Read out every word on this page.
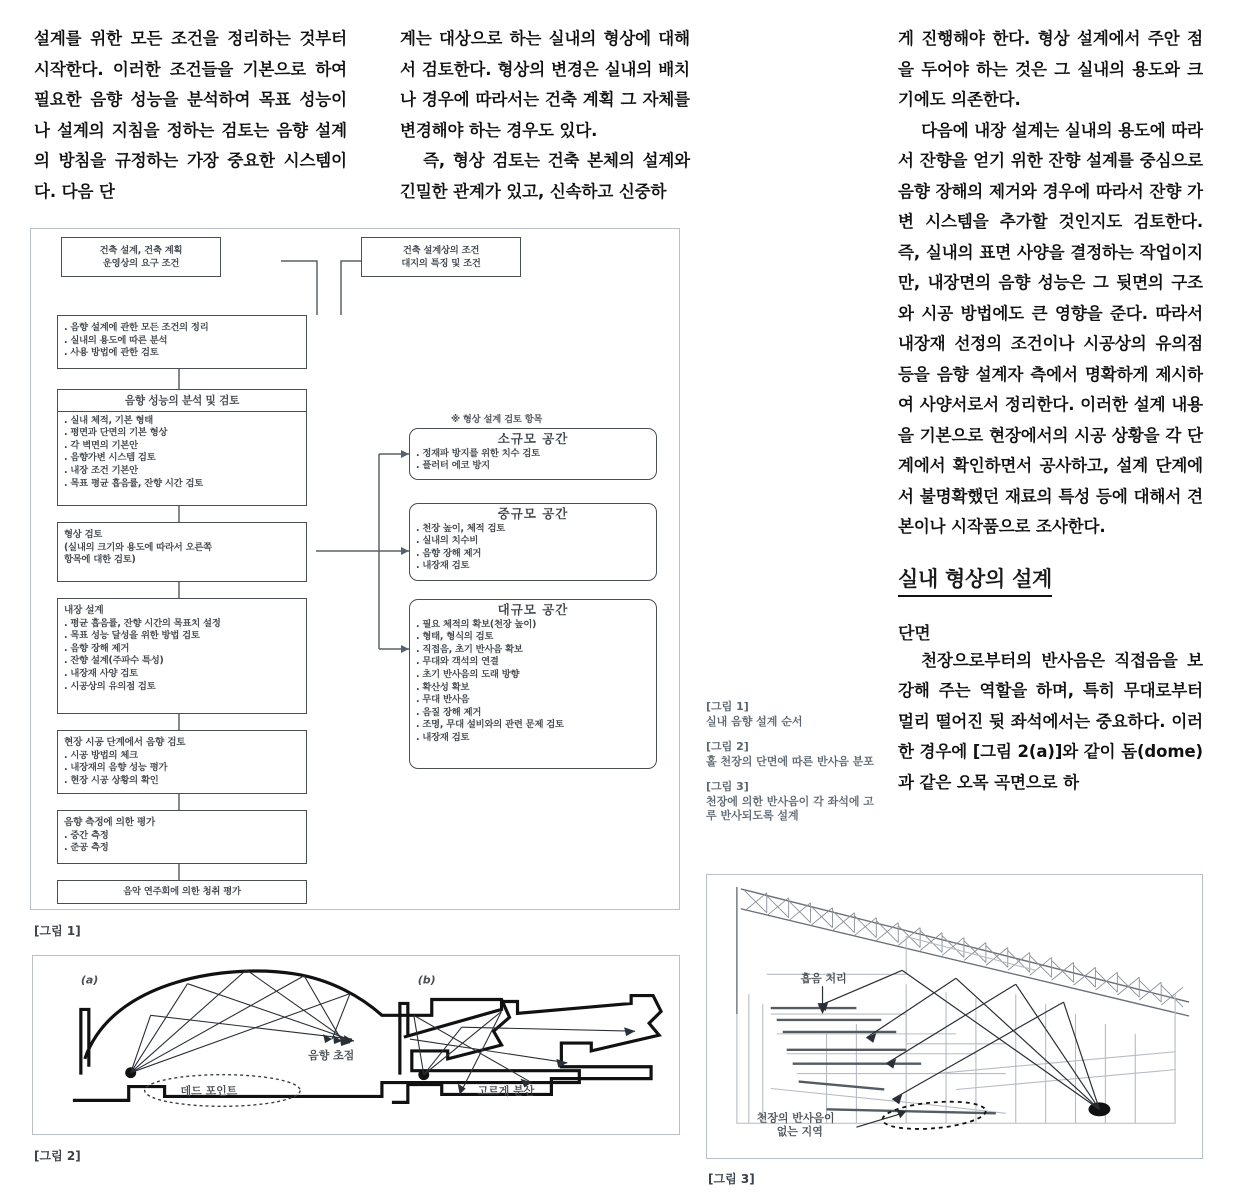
설계를 위한 모든 조건을 정리하는 것부터 시작한다. 이러한 조건들을 기본으로 하여 필요한 음향 성능을 분석하여 목표 성능이나 설계의 지침을 정하는 검토는 음향 설계의 방침을 규정하는 가장 중요한 시스템이다. 다음 단

계는 대상으로 하는 실내의 형상에 대해서 검토한다. 형상의 변경은 실내의 배치나 경우에 따라서는 건축 계획 그 자체를 변경해야 하는 경우도 있다.

즉, 형상 검토는 건축 본체의 설계와 긴밀한 관계가 있고, 신속하고 신중하

게 진행해야 한다. 형상 설계에서 주안 점을 두어야 하는 것은 그 실내의 용도와 크기에도 의존한다.

다음에 내장 설계는 실내의 용도에 따라서 잔향을 얻기 위한 잔향 설계를 중심으로 음향 장해의 제거와 경우에 따라서 잔향 가변 시스템을 추가할 것인지도 검토한다. 즉, 실내의 표면 사양을 결정하는 작업이지만, 내장면의 음향 성능은 그 뒷면의 구조와 시공 방법에도 큰 영향을 준다. 따라서 내장재 선정의 조건이나 시공상의 유의점 등을 음향 설계자 측에서 명확하게 제시하여 사양서로서 정리한다. 이러한 설계 내용을 기본으로 현장에서의 시공 상황을 각 단계에서 확인하면서 공사하고, 설계 단계에서 불명확했던 재료의 특성 등에 대해서 견본이나 시작품으로 조사한다.

실내 형상의 설계
단면

천장으로부터의 반사음은 직접음을 보강해 주는 역할을 하며, 특히 무대로부터 멀리 떨어진 뒷 좌석에서는 중요하다. 이러한 경우에 [그림 2(a)]와 같이 돔(dome)과 같은 오목 곡면으로 하

[그림 1]
실내 음향 설계 순서
[그림 2]
홀 천장의 단면에 따른 반사음 분포
[그림 3]
천장에 의한 반사음이 각 좌석에 고루 반사되도록 설계
건축 설계, 건축 계획
운영상의 요구 조건
건축 설계상의 조건
대지의 특징 및 조건
. 음향 설계에 관한 모든 조건의 정리
. 실내의 용도에 따른 분석
. 사용 방법에 관한 검토
음향 성능의 분석 및 검토
. 실내 체적, 기본 형태
. 평면과 단면의 기본 형상
. 각 벽면의 기본안
. 음향가변 시스템 검토
. 내장 조건 기본안
. 목표 평균 흡음률, 잔향 시간 검토
형상 검토
(실내의 크기와 용도에 따라서 오른쪽
항목에 대한 검토)
내장 설계
. 평균 흡음률, 잔향 시간의 목표치 설정
. 목표 성능 달성을 위한 방법 검토
. 음향 장해 제거
. 잔향 설계(주파수 특성)
. 내장재 사양 검토
. 시공상의 유의점 검토
현장 시공 단계에서 음향 검토
. 시공 방법의 체크
. 내장재의 음향 성능 평가
. 현장 시공 상황의 확인
음향 측정에 의한 평가
. 중간 측정
. 준공 측정
음악 연주회에 의한 청취 평가
※ 형상 설계 검토 항목
소규모 공간
. 정재파 방지를 위한 치수 검토
. 플러터 에코 방지
중규모 공간
. 천장 높이, 체적 검토
. 실내의 치수비
. 음향 장해 제거
. 내장재 검토
대규모 공간
. 필요 체적의 확보(천장 높이)
. 형태, 형식의 검토
. 직접음, 초기 반사음 확보
. 무대와 객석의 연결
. 초기 반사음의 도래 방향
. 확산성 확보
. 무대 반사음
. 음질 장해 제거
. 조명, 무대 설비와의 관련 문제 검토
. 내장재 검토
[그림 1]
(a)
음향 초점
데드 포인트
(b)
고르게 분산
[그림 2]
흡음 처리
천장의 반사음이
없는 지역
[그림 3]
